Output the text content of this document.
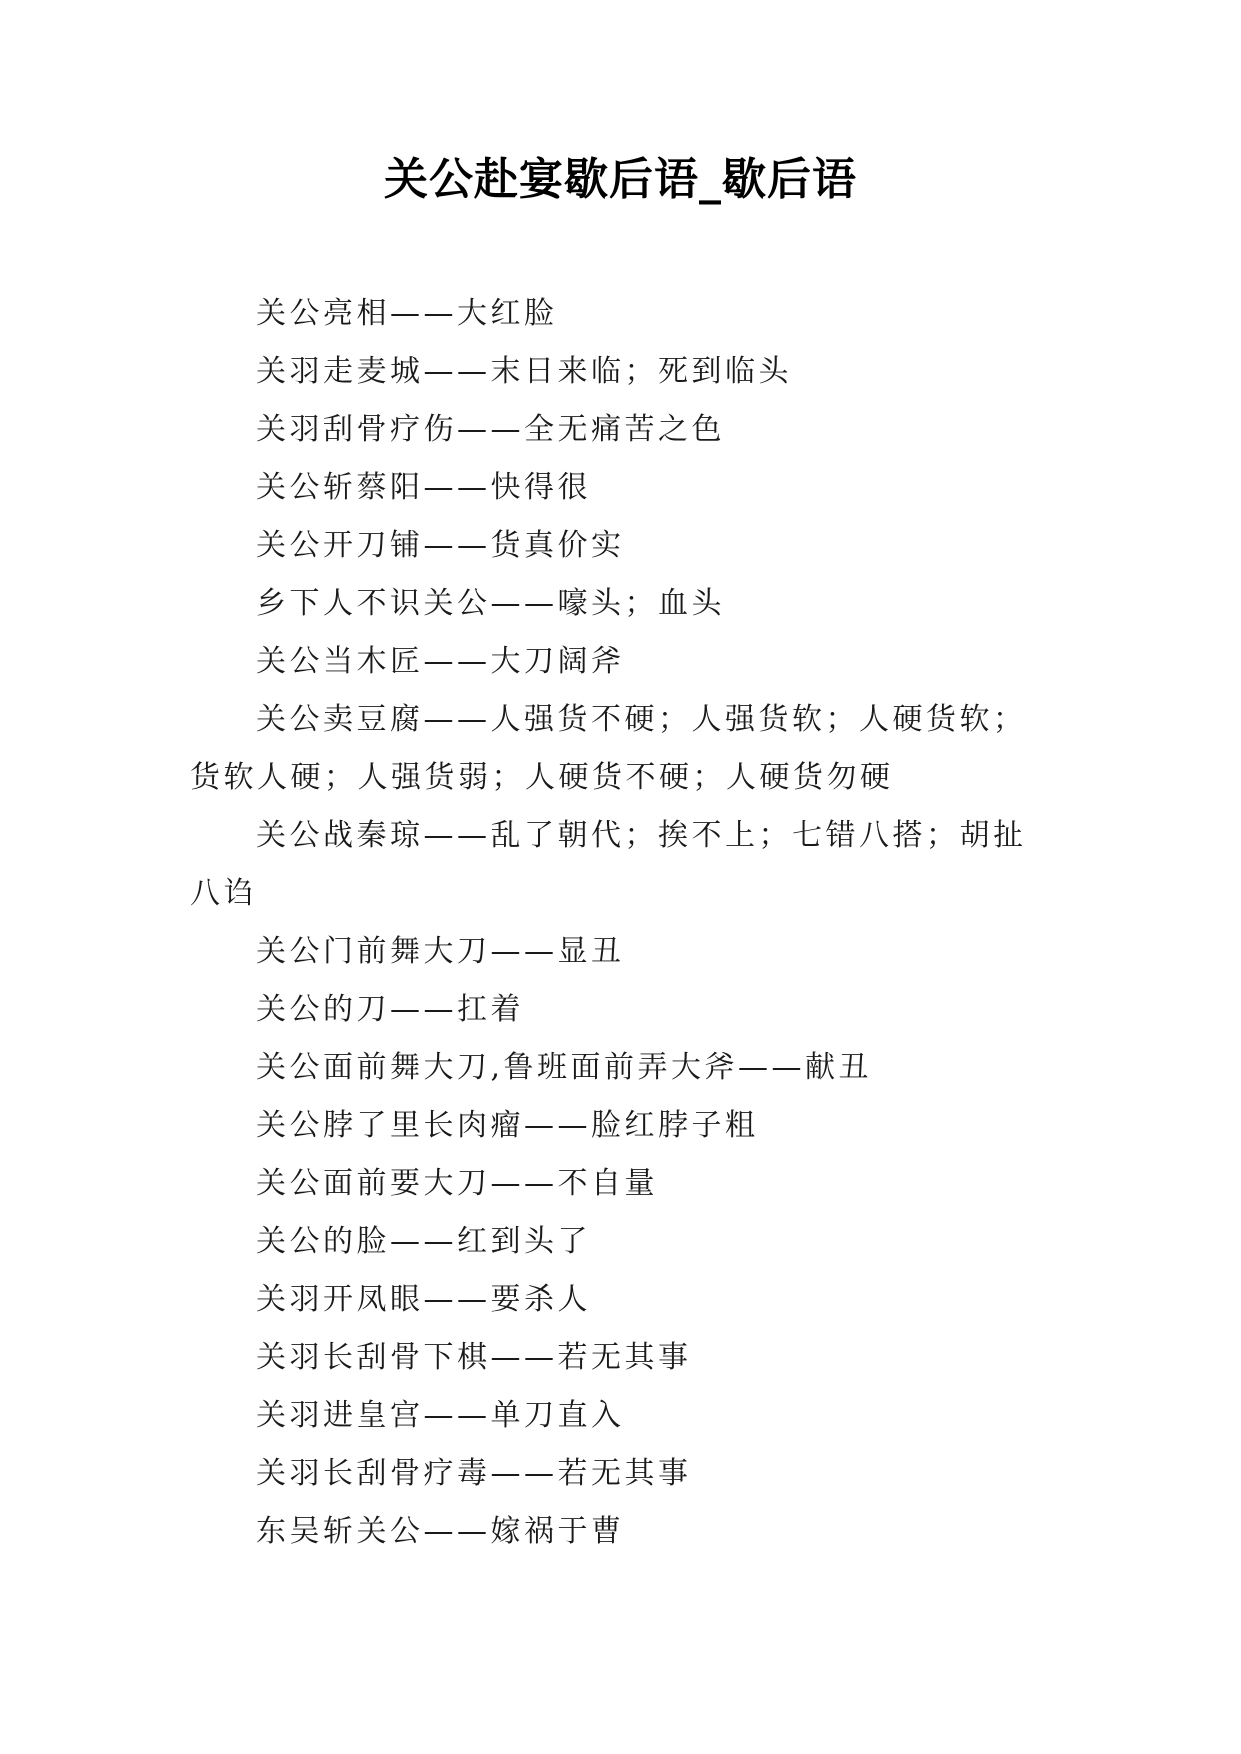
关公赴宴歇后语_歇后语

关公亮相——大红脸

关羽走麦城——末日来临；死到临头

关羽刮骨疗伤——全无痛苦之色

关公斩蔡阳——快得很

关公开刀铺——货真价实

乡下人不识关公——嚎头；血头

关公当木匠——大刀阔斧

关公卖豆腐——人强货不硬；人强货软；人硬货软；货软人硬；人强货弱；人硬货不硬；人硬货勿硬

关公战秦琼——乱了朝代；挨不上；七错八搭；胡扯八诌

关公门前舞大刀——显丑

关公的刀——扛着

关公面前舞大刀,鲁班面前弄大斧——献丑

关公脖了里长肉瘤——脸红脖子粗

关公面前要大刀——不自量

关公的脸——红到头了

关羽开凤眼——要杀人

关羽长刮骨下棋——若无其事

关羽进皇宫——单刀直入

关羽长刮骨疗毒——若无其事

东吴斩关公——嫁祸于曹
